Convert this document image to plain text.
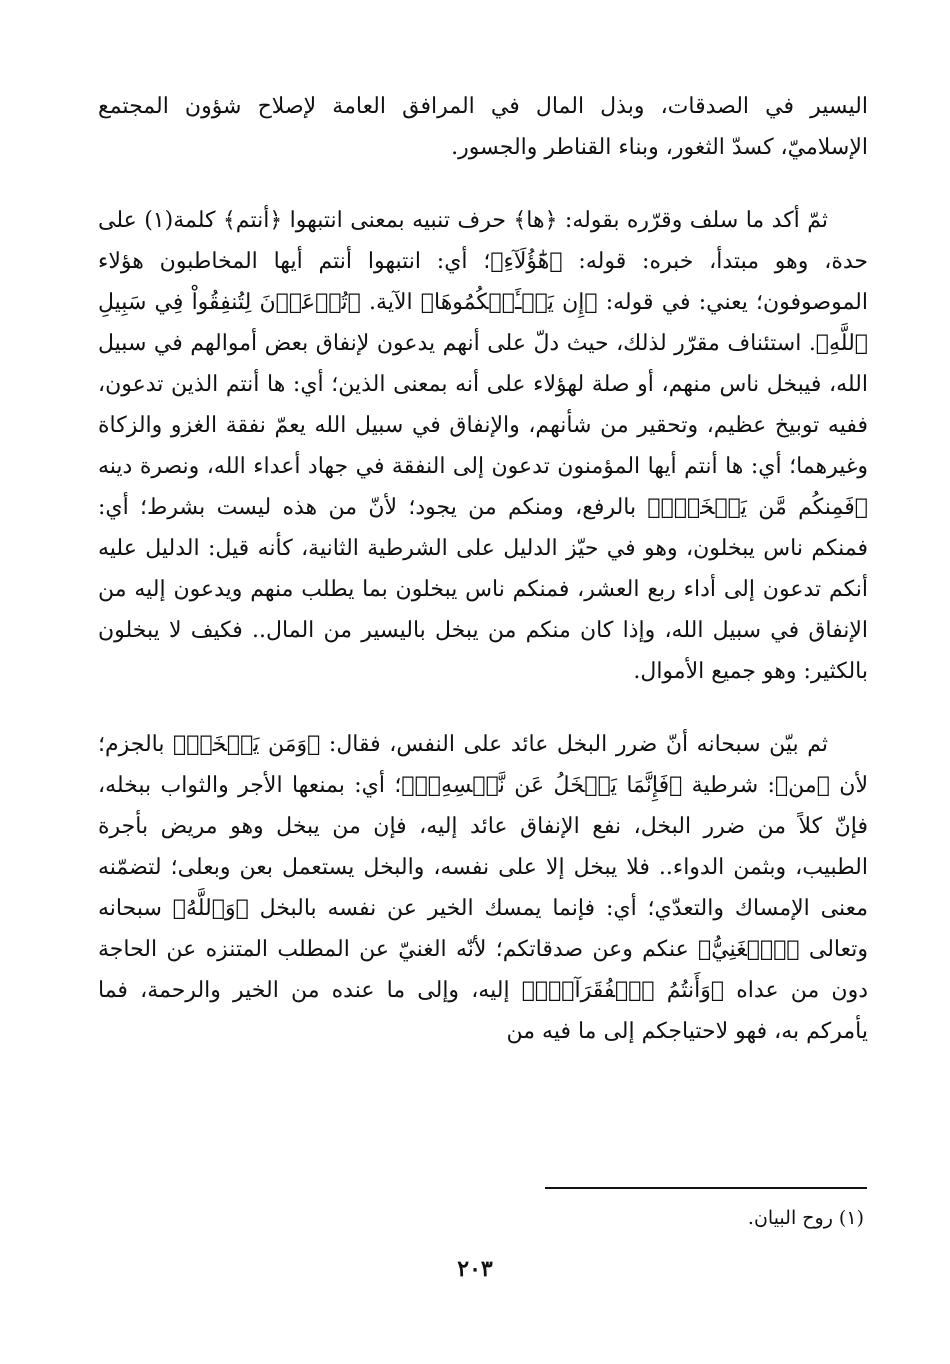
اليسير في الصدقات، وبذل المال في المرافق العامة لإصلاح شؤون المجتمع الإسلاميّ، كسدّ الثغور، وبناء القناطر والجسور.

ثمّ أكد ما سلف وقرّره بقوله: ﴿ها﴾ حرف تنبيه بمعنى انتبهوا ﴿أنتم﴾ كلمة(١) على حدة، وهو مبتدأ، خبره: قوله: ﴿هَٰٓؤُلَآءِ﴾؛ أي: انتبهوا أنتم أيها المخاطبون هؤلاء الموصوفون؛ يعني: في قوله: ﴿إِن يَسۡـَٔلۡكُمُوهَا﴾ الآية. ﴿تُدۡعَوۡنَ لِتُنفِقُواْ فِي سَبِيلِ ٱللَّهِ﴾. استئناف مقرّر لذلك، حيث دلّ على أنهم يدعون لإنفاق بعض أموالهم في سبيل الله، فيبخل ناس منهم، أو صلة لهؤلاء على أنه بمعنى الذين؛ أي: ها أنتم الذين تدعون، ففيه توبيخ عظيم، وتحقير من شأنهم، والإنفاق في سبيل الله يعمّ نفقة الغزو والزكاة وغيرهما؛ أي: ها أنتم أيها المؤمنون تدعون إلى النفقة في جهاد أعداء الله، ونصرة دينه ﴿فَمِنكُم مَّن يَبۡخَلُۖ﴾ بالرفع، ومنكم من يجود؛ لأنّ من هذه ليست بشرط؛ أي: فمنكم ناس يبخلون، وهو في حيّز الدليل على الشرطية الثانية، كأنه قيل: الدليل عليه أنكم تدعون إلى أداء ربع العشر، فمنكم ناس يبخلون بما يطلب منهم ويدعون إليه من الإنفاق في سبيل الله، وإذا كان منكم من يبخل باليسير من المال.. فكيف لا يبخلون بالكثير: وهو جميع الأموال.

ثم بيّن سبحانه أنّ ضرر البخل عائد على النفس، فقال: ﴿وَمَن يَبۡخَلۡ﴾ بالجزم؛ لأن ﴿من﴾: شرطية ﴿فَإِنَّمَا يَبۡخَلُ عَن نَّفۡسِهِۦۚ﴾؛ أي: بمنعها الأجر والثواب ببخله، فإنّ كلاً من ضرر البخل، نفع الإنفاق عائد إليه، فإن من يبخل وهو مريض بأجرة الطبيب، وبثمن الدواء.. فلا يبخل إلا على نفسه، والبخل يستعمل بعن وبعلى؛ لتضمّنه معنى الإمساك والتعدّي؛ أي: فإنما يمسك الخير عن نفسه بالبخل ﴿وَٱللَّهُ﴾ سبحانه وتعالى ﴿ٱلۡغَنِيُّ﴾ عنكم وعن صدقاتكم؛ لأنّه الغنيّ عن المطلب المتنزه عن الحاجة دون من عداه ﴿وَأَنتُمُ ٱلۡفُقَرَآءُۚ﴾ إليه، وإلى ما عنده من الخير والرحمة، فما يأمركم به، فهو لاحتياجكم إلى ما فيه من

(١) روح البيان.
٢٠٣
